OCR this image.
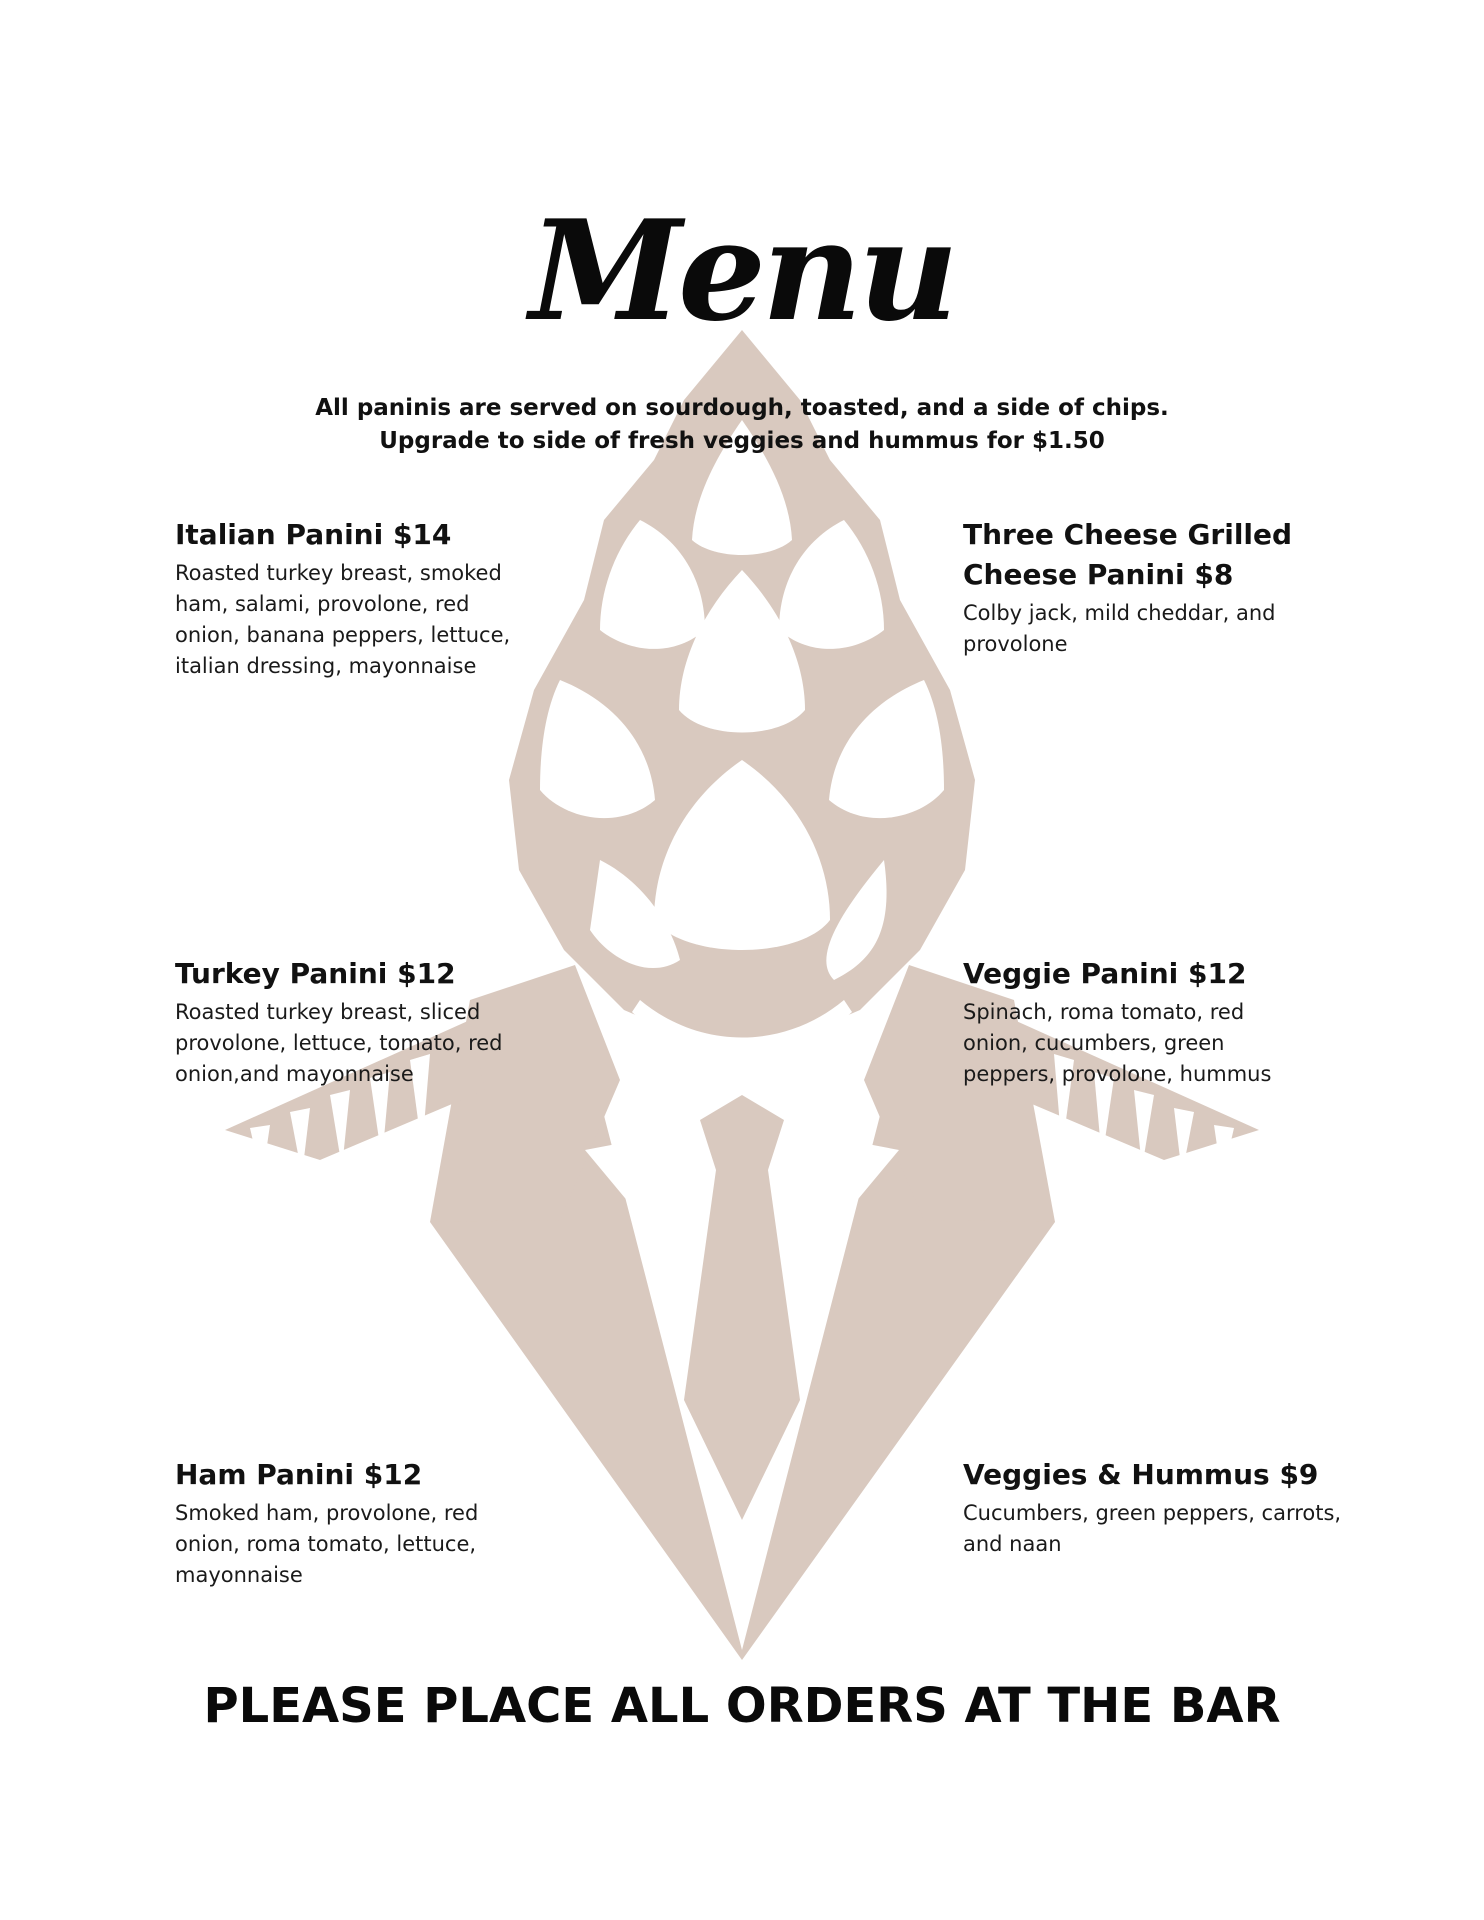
Menu
All paninis are served on sourdough, toasted, and a side of chips.
Upgrade to side of fresh veggies and hummus for $1.50
Italian Panini $14

Roasted turkey breast, smoked ham, salami, provolone, red onion, banana peppers, lettuce, italian dressing, mayonnaise

Three Cheese Grilled Cheese Panini $8

Colby jack, mild cheddar, and provolone

Turkey Panini $12

Roasted turkey breast, sliced provolone, lettuce, tomato, red onion,and mayonnaise

Veggie Panini $12

Spinach, roma tomato, red onion, cucumbers, green peppers, provolone, hummus

Ham Panini $12

Smoked ham, provolone, red onion, roma tomato, lettuce, mayonnaise

Veggies & Hummus $9

Cucumbers, green peppers, carrots, and naan

PLEASE PLACE ALL ORDERS AT THE BAR
